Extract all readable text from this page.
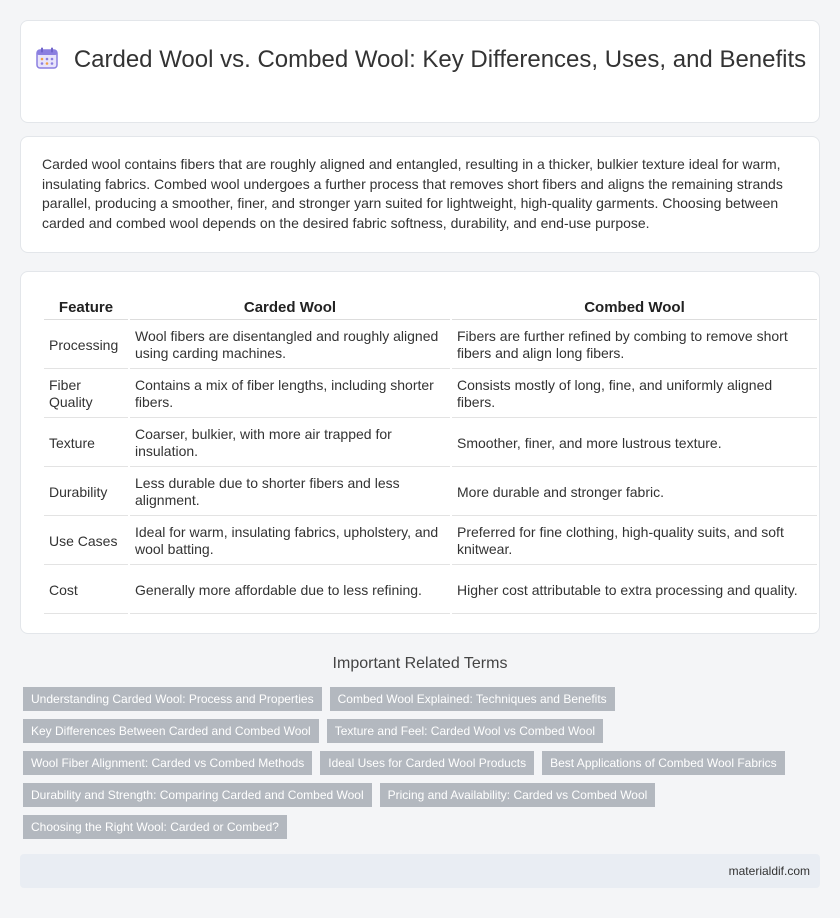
Carded Wool vs. Combed Wool: Key Differences, Uses, and Benefits

Carded wool contains fibers that are roughly aligned and entangled, resulting in a thicker, bulkier texture ideal for warm, insulating fabrics. Combed wool undergoes a further process that removes short fibers and aligns the remaining strands parallel, producing a smoother, finer, and stronger yarn suited for lightweight, high-quality garments. Choosing between carded and combed wool depends on the desired fabric softness, durability, and end-use purpose.

Feature	Carded Wool	Combed Wool
Processing	Wool fibers are disentangled and roughly aligned using carding machines.	Fibers are further refined by combing to remove short fibers and align long fibers.
Fiber Quality	Contains a mix of fiber lengths, including shorter fibers.	Consists mostly of long, fine, and uniformly aligned fibers.
Texture	Coarser, bulkier, with more air trapped for insulation.	Smoother, finer, and more lustrous texture.
Durability	Less durable due to shorter fibers and less alignment.	More durable and stronger fabric.
Use Cases	Ideal for warm, insulating fabrics, upholstery, and wool batting.	Preferred for fine clothing, high-quality suits, and soft knitwear.
Cost	Generally more affordable due to less refining.	Higher cost attributable to extra processing and quality.
Important Related Terms
Understanding Carded Wool: Process and Properties	Combed Wool Explained: Techniques and Benefits
Key Differences Between Carded and Combed Wool	Texture and Feel: Carded Wool vs Combed Wool
Wool Fiber Alignment: Carded vs Combed Methods	Ideal Uses for Carded Wool Products	Best Applications of Combed Wool Fabrics
Durability and Strength: Comparing Carded and Combed Wool	Pricing and Availability: Carded vs Combed Wool
Choosing the Right Wool: Carded or Combed?
materialdif.com
